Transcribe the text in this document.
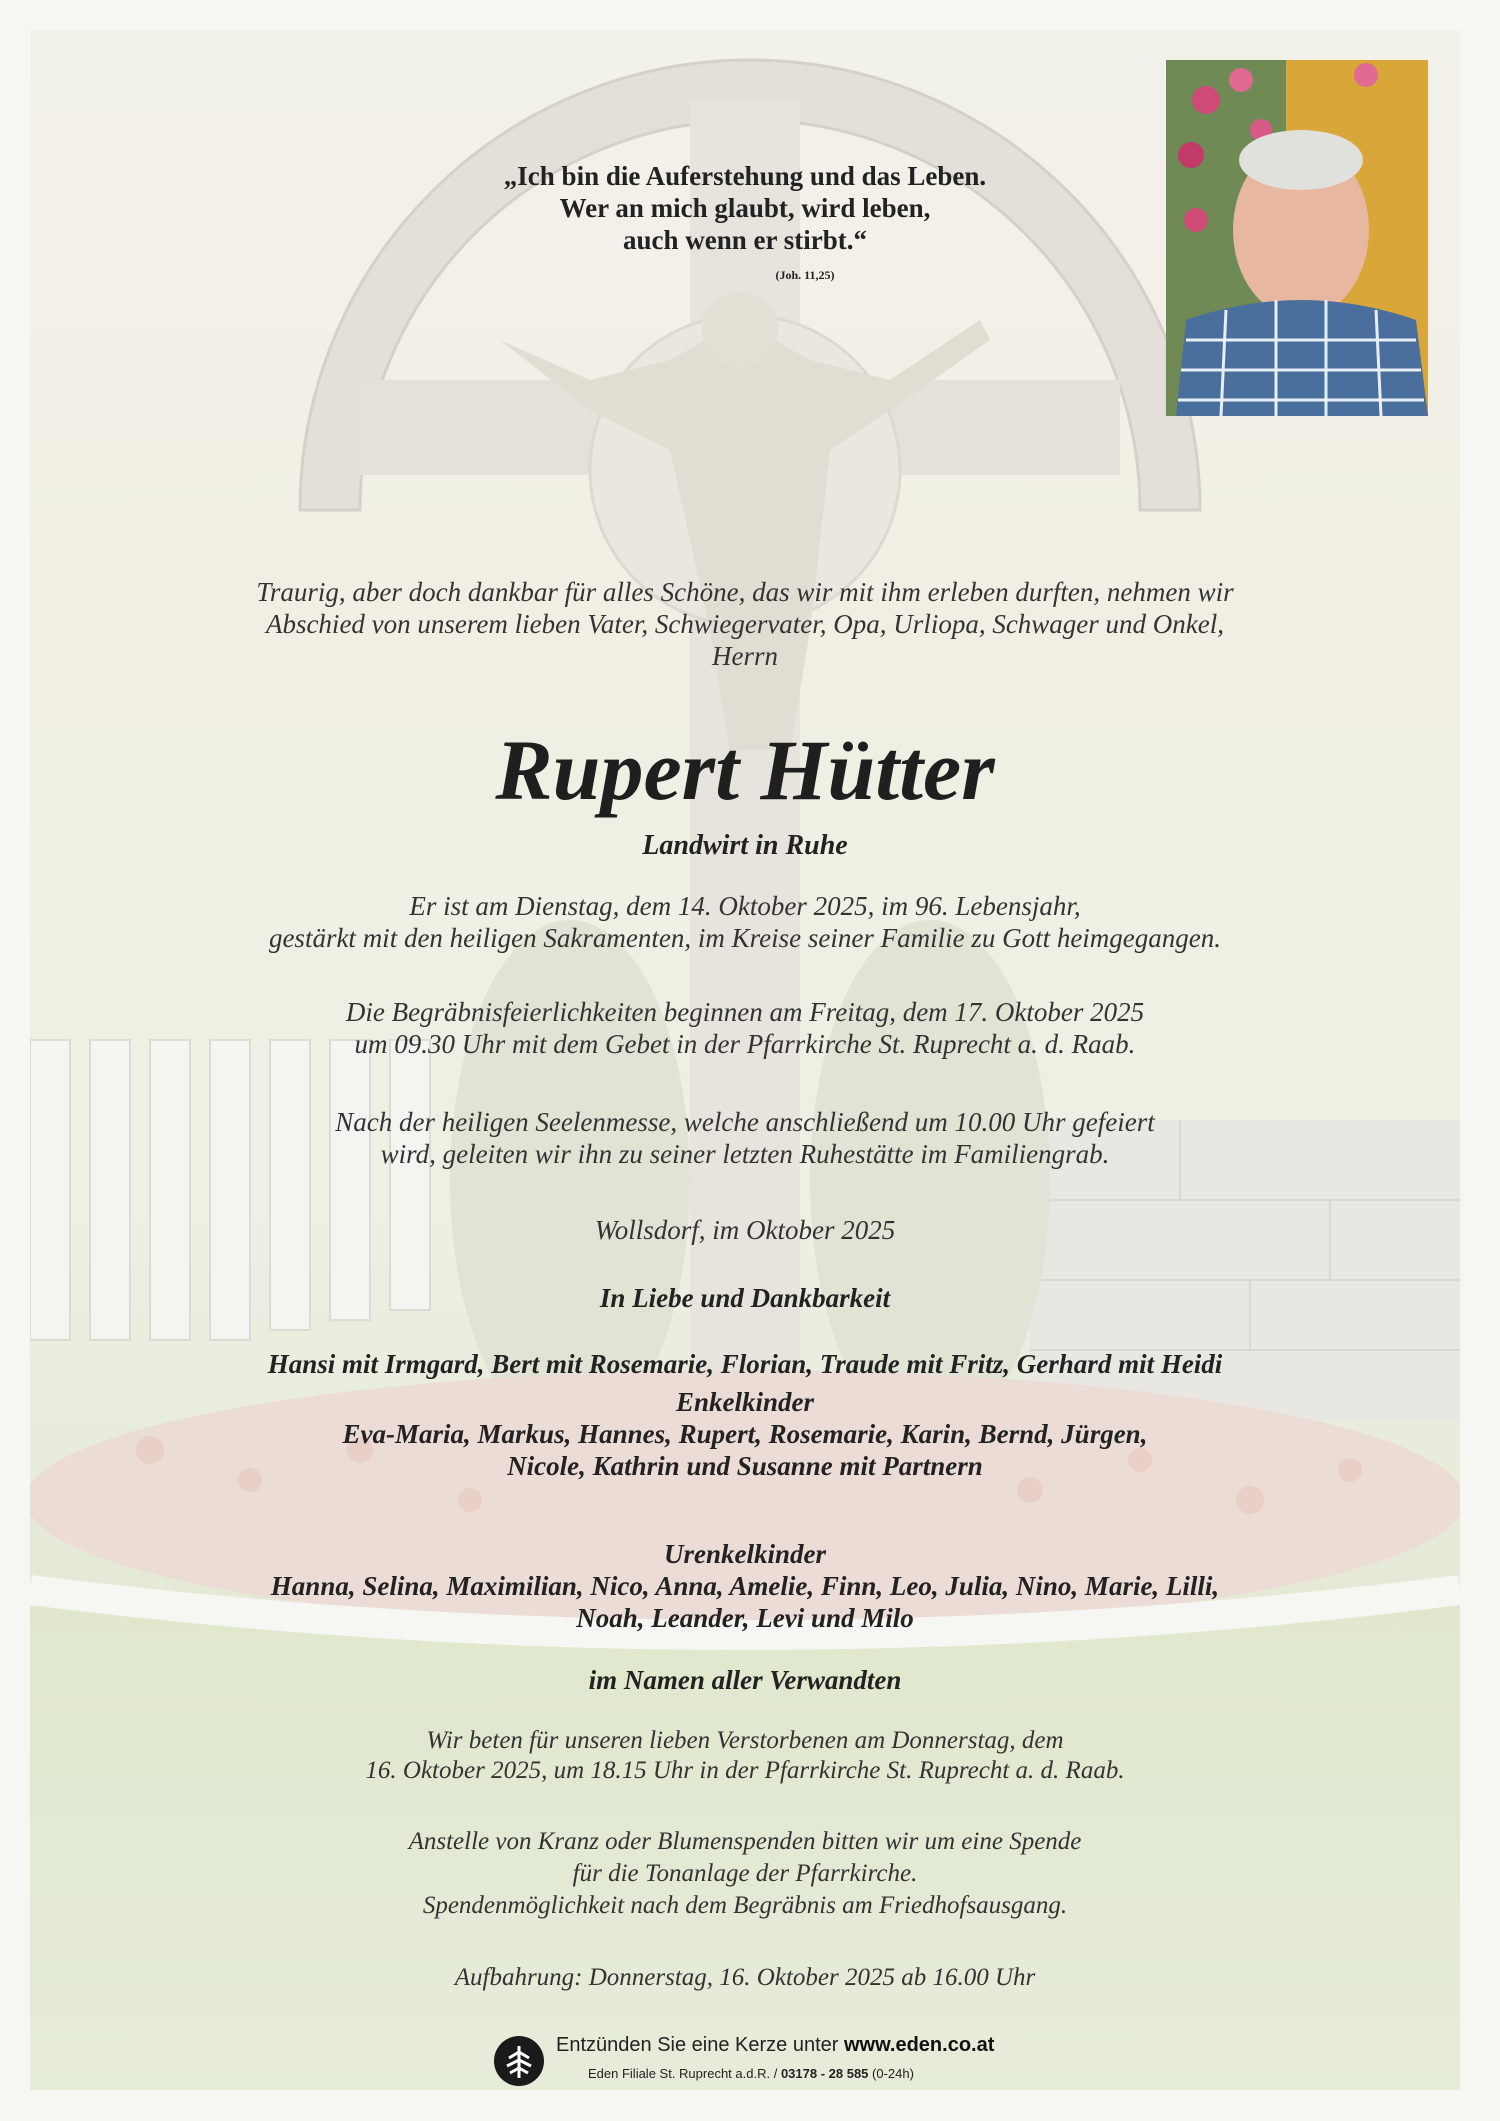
„Ich bin die Auferstehung und das Leben.
Wer an mich glaubt, wird leben,
auch wenn er stirbt.“
(Joh. 11,25)
Traurig, aber doch dankbar für alles Schöne, das wir mit ihm erleben durften, nehmen wir
Abschied von unserem lieben Vater, Schwiegervater, Opa, Urliopa, Schwager und Onkel,
Herrn
Rupert Hütter
Landwirt in Ruhe
Er ist am Dienstag, dem 14. Oktober 2025, im 96. Lebensjahr,
gestärkt mit den heiligen Sakramenten, im Kreise seiner Familie zu Gott heimgegangen.
Die Begräbnisfeierlichkeiten beginnen am Freitag, dem 17. Oktober 2025
um 09.30 Uhr mit dem Gebet in der Pfarrkirche St. Ruprecht a. d. Raab.
Nach der heiligen Seelenmesse, welche anschließend um 10.00 Uhr gefeiert
wird, geleiten wir ihn zu seiner letzten Ruhestätte im Familiengrab.
Wollsdorf, im Oktober 2025
In Liebe und Dankbarkeit
Hansi mit Irmgard, Bert mit Rosemarie, Florian, Traude mit Fritz, Gerhard mit Heidi
Enkelkinder
Eva-Maria, Markus, Hannes, Rupert, Rosemarie, Karin, Bernd, Jürgen,
Nicole, Kathrin und Susanne mit Partnern
Urenkelkinder
Hanna, Selina, Maximilian, Nico, Anna, Amelie, Finn, Leo, Julia, Nino, Marie, Lilli,
Noah, Leander, Levi und Milo
im Namen aller Verwandten
Wir beten für unseren lieben Verstorbenen am Donnerstag, dem
16. Oktober 2025, um 18.15 Uhr in der Pfarrkirche St. Ruprecht a. d. Raab.
Anstelle von Kranz oder Blumenspenden bitten wir um eine Spende
für die Tonanlage der Pfarrkirche.
Spendenmöglichkeit nach dem Begräbnis am Friedhofsausgang.
Aufbahrung: Donnerstag, 16. Oktober 2025 ab 16.00 Uhr
Entzünden Sie eine Kerze unter www.eden.co.at
Eden Filiale St. Ruprecht a.d.R. / 03178 - 28 585 (0-24h)
